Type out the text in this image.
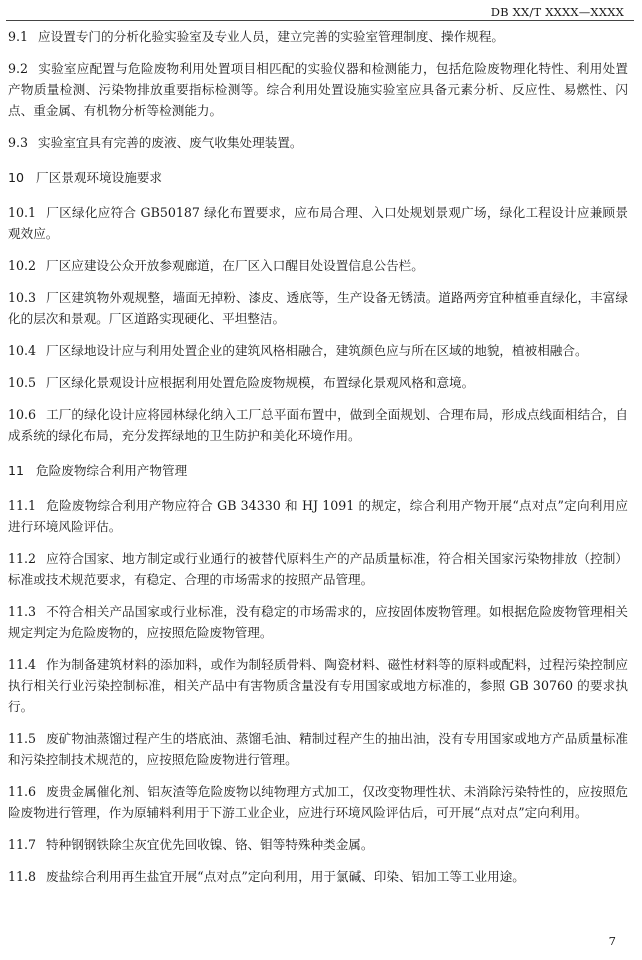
DB XX/T XXXX—XXXX

9.1 应设置专门的分析化验实验室及专业人员，建立完善的实验室管理制度、操作规程。

9.2 实验室应配置与危险废物利用处置项目相匹配的实验仪器和检测能力，包括危险废物理化特性、利用处置产物质量检测、污染物排放重要指标检测等。综合利用处置设施实验室应具备元素分析、反应性、易燃性、闪点、重金属、有机物分析等检测能力。

9.3 实验室宜具有完善的废液、废气收集处理装置。

10 厂区景观环境设施要求

10.1 厂区绿化应符合 GB50187 绿化布置要求，应布局合理、入口处规划景观广场，绿化工程设计应兼顾景观效应。

10.2 厂区应建设公众开放参观廊道，在厂区入口醒目处设置信息公告栏。

10.3 厂区建筑物外观规整，墙面无掉粉、漆皮、透底等，生产设备无锈渍。道路两旁宜种植垂直绿化，丰富绿化的层次和景观。厂区道路实现硬化、平坦整洁。

10.4 厂区绿地设计应与利用处置企业的建筑风格相融合，建筑颜色应与所在区域的地貌，植被相融合。

10.5 厂区绿化景观设计应根据利用处置危险废物规模，布置绿化景观风格和意境。

10.6 工厂的绿化设计应将园林绿化纳入工厂总平面布置中，做到全面规划、合理布局，形成点线面相结合，自成系统的绿化布局，充分发挥绿地的卫生防护和美化环境作用。

11 危险废物综合利用产物管理

11.1 危险废物综合利用产物应符合 GB 34330 和 HJ 1091 的规定，综合利用产物开展“点对点”定向利用应进行环境风险评估。

11.2 应符合国家、地方制定或行业通行的被替代原料生产的产品质量标准，符合相关国家污染物排放（控制）标准或技术规范要求，有稳定、合理的市场需求的按照产品管理。

11.3 不符合相关产品国家或行业标准，没有稳定的市场需求的，应按固体废物管理。如根据危险废物管理相关规定判定为危险废物的，应按照危险废物管理。

11.4 作为制备建筑材料的添加料，或作为制轻质骨料、陶瓷材料、磁性材料等的原料或配料，过程污染控制应执行相关行业污染控制标准，相关产品中有害物质含量没有专用国家或地方标准的，参照 GB 30760 的要求执行。

11.5 废矿物油蒸馏过程产生的塔底油、蒸馏毛油、精制过程产生的抽出油，没有专用国家或地方产品质量标准和污染控制技术规范的，应按照危险废物进行管理。

11.6 废贵金属催化剂、铝灰渣等危险废物以纯物理方式加工，仅改变物理性状、未消除污染特性的，应按照危险废物进行管理，作为原辅料利用于下游工业企业，应进行环境风险评估后，可开展“点对点”定向利用。

11.7 特种钢钢铁除尘灰宜优先回收镍、铬、钼等特殊种类金属。

11.8 废盐综合利用再生盐宜开展“点对点”定向利用，用于氯碱、印染、铝加工等工业用途。

7
